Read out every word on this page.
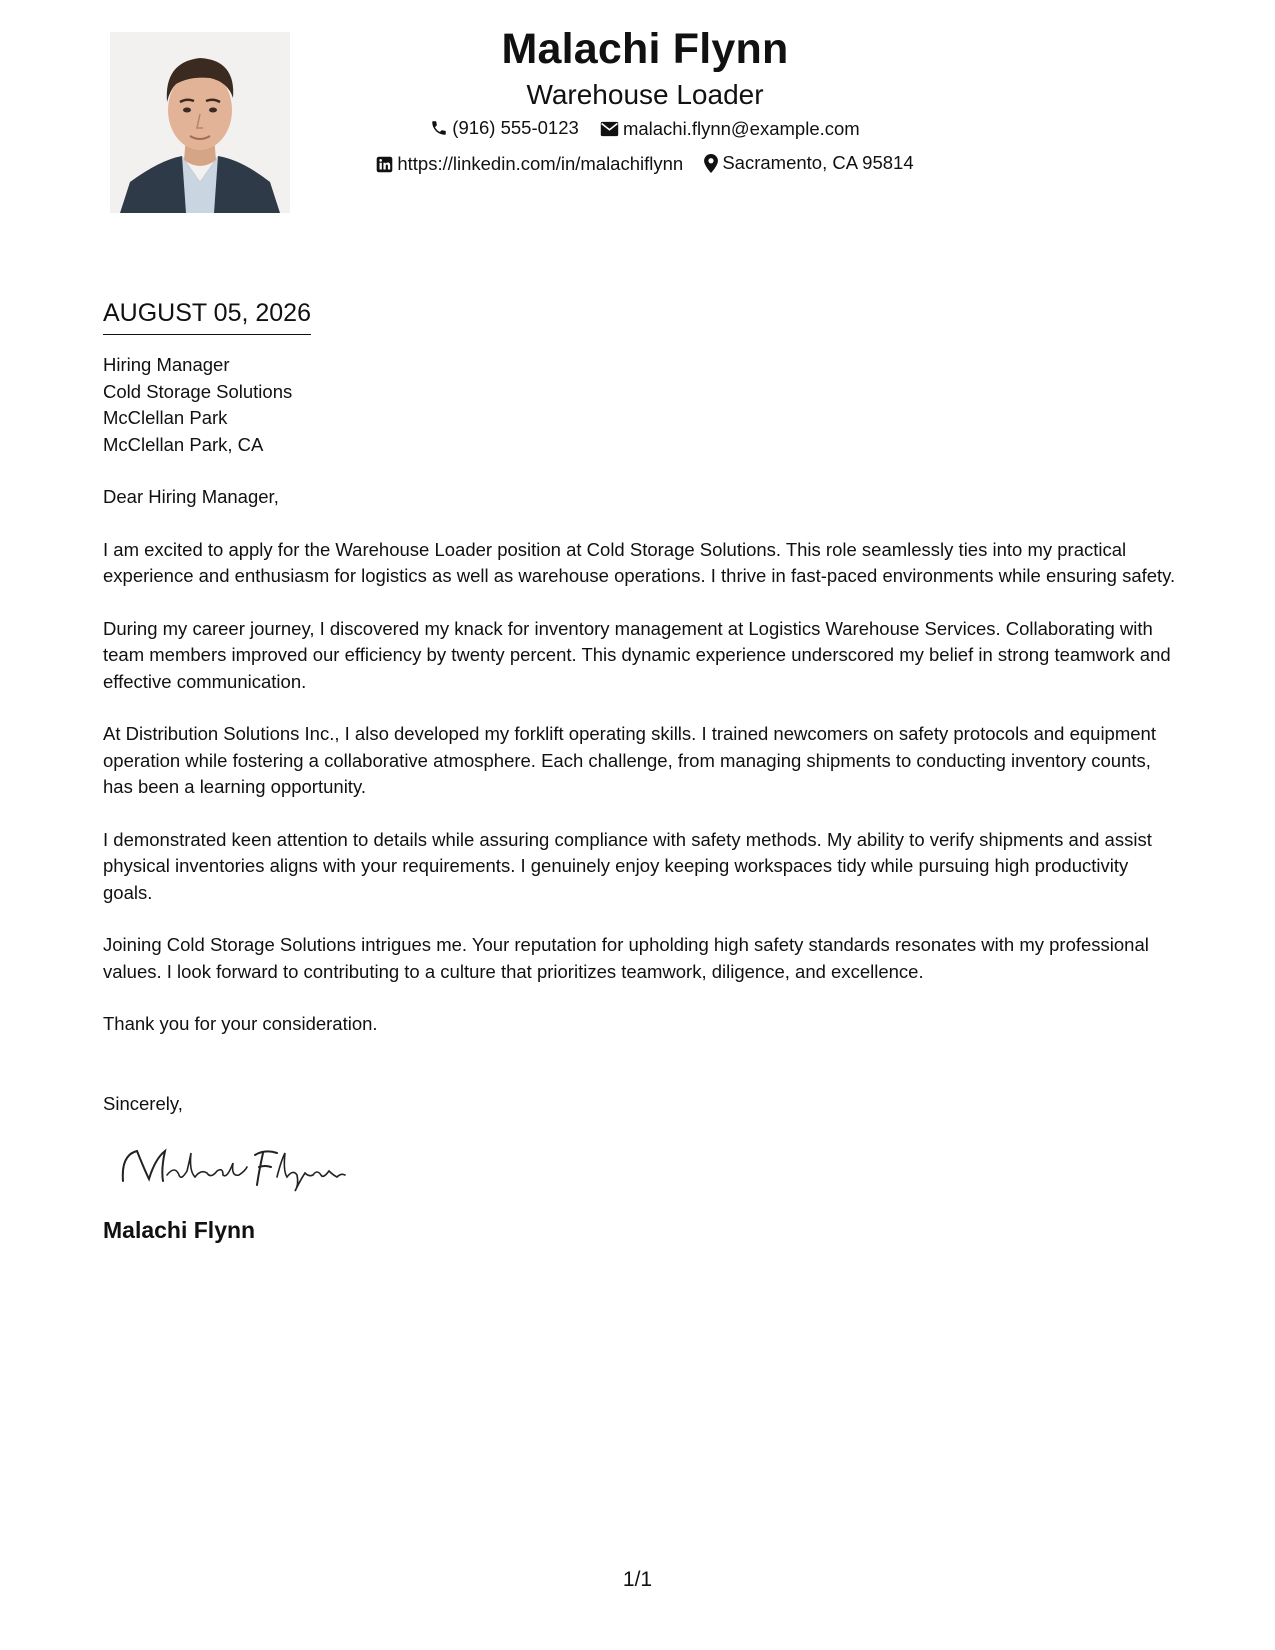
Malachi Flynn
Warehouse Loader
(916) 555-0123
malachi.flynn@example.com
https://linkedin.com/in/malachiflynn
Sacramento, CA 95814
AUGUST 05, 2026
Hiring Manager
Cold Storage Solutions
McClellan Park
McClellan Park, CA
Dear Hiring Manager,
I am excited to apply for the Warehouse Loader position at Cold Storage Solutions. This role seamlessly ties into my practical experience and enthusiasm for logistics as well as warehouse operations. I thrive in fast-paced environments while ensuring safety.
During my career journey, I discovered my knack for inventory management at Logistics Warehouse Services. Collaborating with team members improved our efficiency by twenty percent. This dynamic experience underscored my belief in strong teamwork and effective communication.
At Distribution Solutions Inc., I also developed my forklift operating skills. I trained newcomers on safety protocols and equipment operation while fostering a collaborative atmosphere. Each challenge, from managing shipments to conducting inventory counts, has been a learning opportunity.
I demonstrated keen attention to details while assuring compliance with safety methods. My ability to verify shipments and assist physical inventories aligns with your requirements. I genuinely enjoy keeping workspaces tidy while pursuing high productivity goals.
Joining Cold Storage Solutions intrigues me. Your reputation for upholding high safety standards resonates with my professional values. I look forward to contributing to a culture that prioritizes teamwork, diligence, and excellence.
Thank you for your consideration.
Sincerely,
Malachi Flynn
1/1
